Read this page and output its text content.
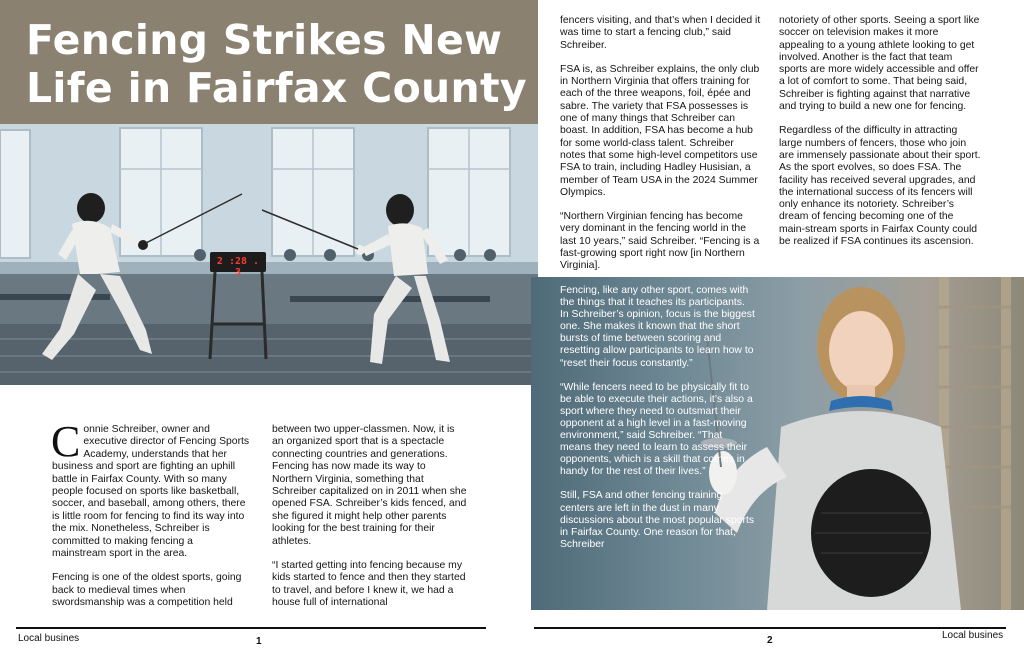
Fencing Strikes New Life in Fairfax County
2 :28 . 3

Connie Schreiber, owner and executive director of Fencing Sports Academy, understands that her business and sport are fighting an uphill battle in Fairfax County. With so many people focused on sports like basketball, soccer, and baseball, among others, there is little room for fencing to find its way into the mix. Nonetheless, Schreiber is committed to making fencing a mainstream sport in the area.

Fencing is one of the oldest sports, going back to medieval times when swordsmanship was a competition held

between two upper-classmen. Now, it is an organized sport that is a spectacle connecting countries and generations. Fencing has now made its way to Northern Virginia, something that Schreiber capitalized on in 2011 when she opened FSA. Schreiber’s kids fenced, and she figured it might help other parents looking for the best training for their athletes.

“I started getting into fencing because my kids started to fence and then they started to travel, and before I knew it, we had a house full of international

Local busines	1

fencers visiting, and that’s when I decided it was time to start a fencing club,” said Schreiber.

FSA is, as Schreiber explains, the only club in Northern Virginia that offers training for each of the three weapons, foil, épée and sabre. The variety that FSA possesses is one of many things that Schreiber can boast. In addition, FSA has become a hub for some world-class talent. Schreiber notes that some high-level competitors use FSA to train, including Hadley Husisian, a member of Team USA in the 2024 Summer Olympics.

“Northern Virginian fencing has become very dominant in the fencing world in the last 10 years,” said Schreiber. “Fencing is a fast-growing sport right now [in Northern Virginia].

notoriety of other sports. Seeing a sport like soccer on television makes it more appealing to a young athlete looking to get involved. Another is the fact that team sports are more widely accessible and offer a lot of comfort to some. That being said, Schreiber is fighting against that narrative and trying to build a new one for fencing.

Regardless of the difficulty in attracting large numbers of fencers, those who join are immensely passionate about their sport. As the sport evolves, so does FSA. The facility has received several upgrades, and the international success of its fencers will only enhance its notoriety. Schreiber’s dream of fencing becoming one of the main-stream sports in Fairfax County could be realized if FSA continues its ascension.

Fencing, like any other sport, comes with the things that it teaches its participants. In Schreiber’s opinion, focus is the biggest one. She makes it known that the short bursts of time between scoring and resetting allow participants to learn how to “reset their focus constantly.”

“While fencers need to be physically fit to be able to execute their actions, it’s also a sport where they need to outsmart their opponent at a high level in a fast-moving environment,” said Schreiber. “That means they need to learn to assess their opponents, which is a skill that comes in handy for the rest of their lives.”

Still, FSA and other fencing training centers are left in the dust in many discussions about the most popular sports in Fairfax County. One reason for that, Schreiber

Local busines
2
